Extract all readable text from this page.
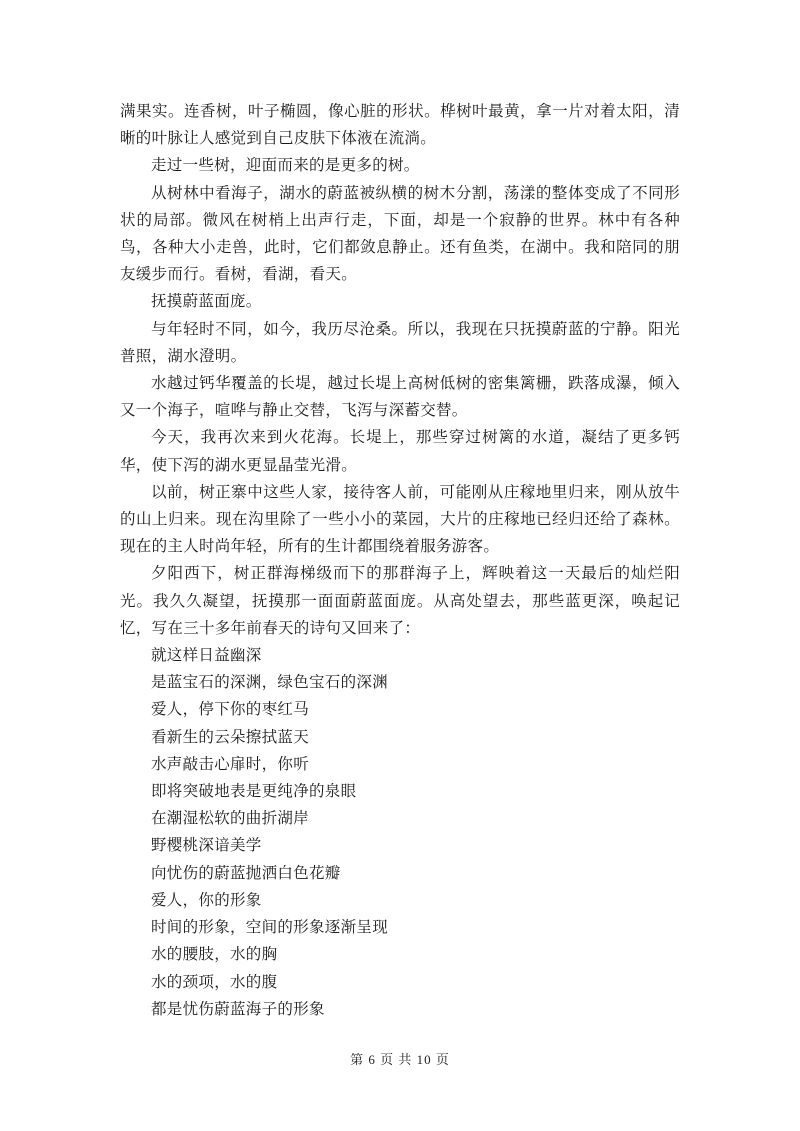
满果实。连香树，叶子椭圆，像心脏的形状。桦树叶最黄，拿一片对着太阳，清晰的叶脉让人感觉到自己皮肤下体液在流淌。

走过一些树，迎面而来的是更多的树。

从树林中看海子，湖水的蔚蓝被纵横的树木分割，荡漾的整体变成了不同形状的局部。微风在树梢上出声行走，下面，却是一个寂静的世界。林中有各种鸟，各种大小走兽，此时，它们都敛息静止。还有鱼类，在湖中。我和陪同的朋友缓步而行。看树，看湖，看天。

抚摸蔚蓝面庞。

与年轻时不同，如今，我历尽沧桑。所以，我现在只抚摸蔚蓝的宁静。阳光普照，湖水澄明。

水越过钙华覆盖的长堤，越过长堤上高树低树的密集篱栅，跌落成瀑，倾入又一个海子，喧哗与静止交替，飞泻与深蓄交替。

今天，我再次来到火花海。长堤上，那些穿过树篱的水道，凝结了更多钙华，使下泻的湖水更显晶莹光滑。

以前，树正寨中这些人家，接待客人前，可能刚从庄稼地里归来，刚从放牛的山上归来。现在沟里除了一些小小的菜园，大片的庄稼地已经归还给了森林。现在的主人时尚年轻，所有的生计都围绕着服务游客。

夕阳西下，树正群海梯级而下的那群海子上，辉映着这一天最后的灿烂阳光。我久久凝望，抚摸那一面面蔚蓝面庞。从高处望去，那些蓝更深，唤起记忆，写在三十多年前春天的诗句又回来了：

就这样日益幽深
是蓝宝石的深渊，绿色宝石的深渊
爱人，停下你的枣红马
看新生的云朵擦拭蓝天
水声敲击心扉时，你听
即将突破地表是更纯净的泉眼
在潮湿松软的曲折湖岸
野樱桃深谙美学
向忧伤的蔚蓝抛洒白色花瓣
爱人，你的形象
时间的形象，空间的形象逐渐呈现
水的腰肢，水的胸
水的颈项，水的腹
都是忧伤蔚蓝海子的形象
第 6 页 共 10 页
